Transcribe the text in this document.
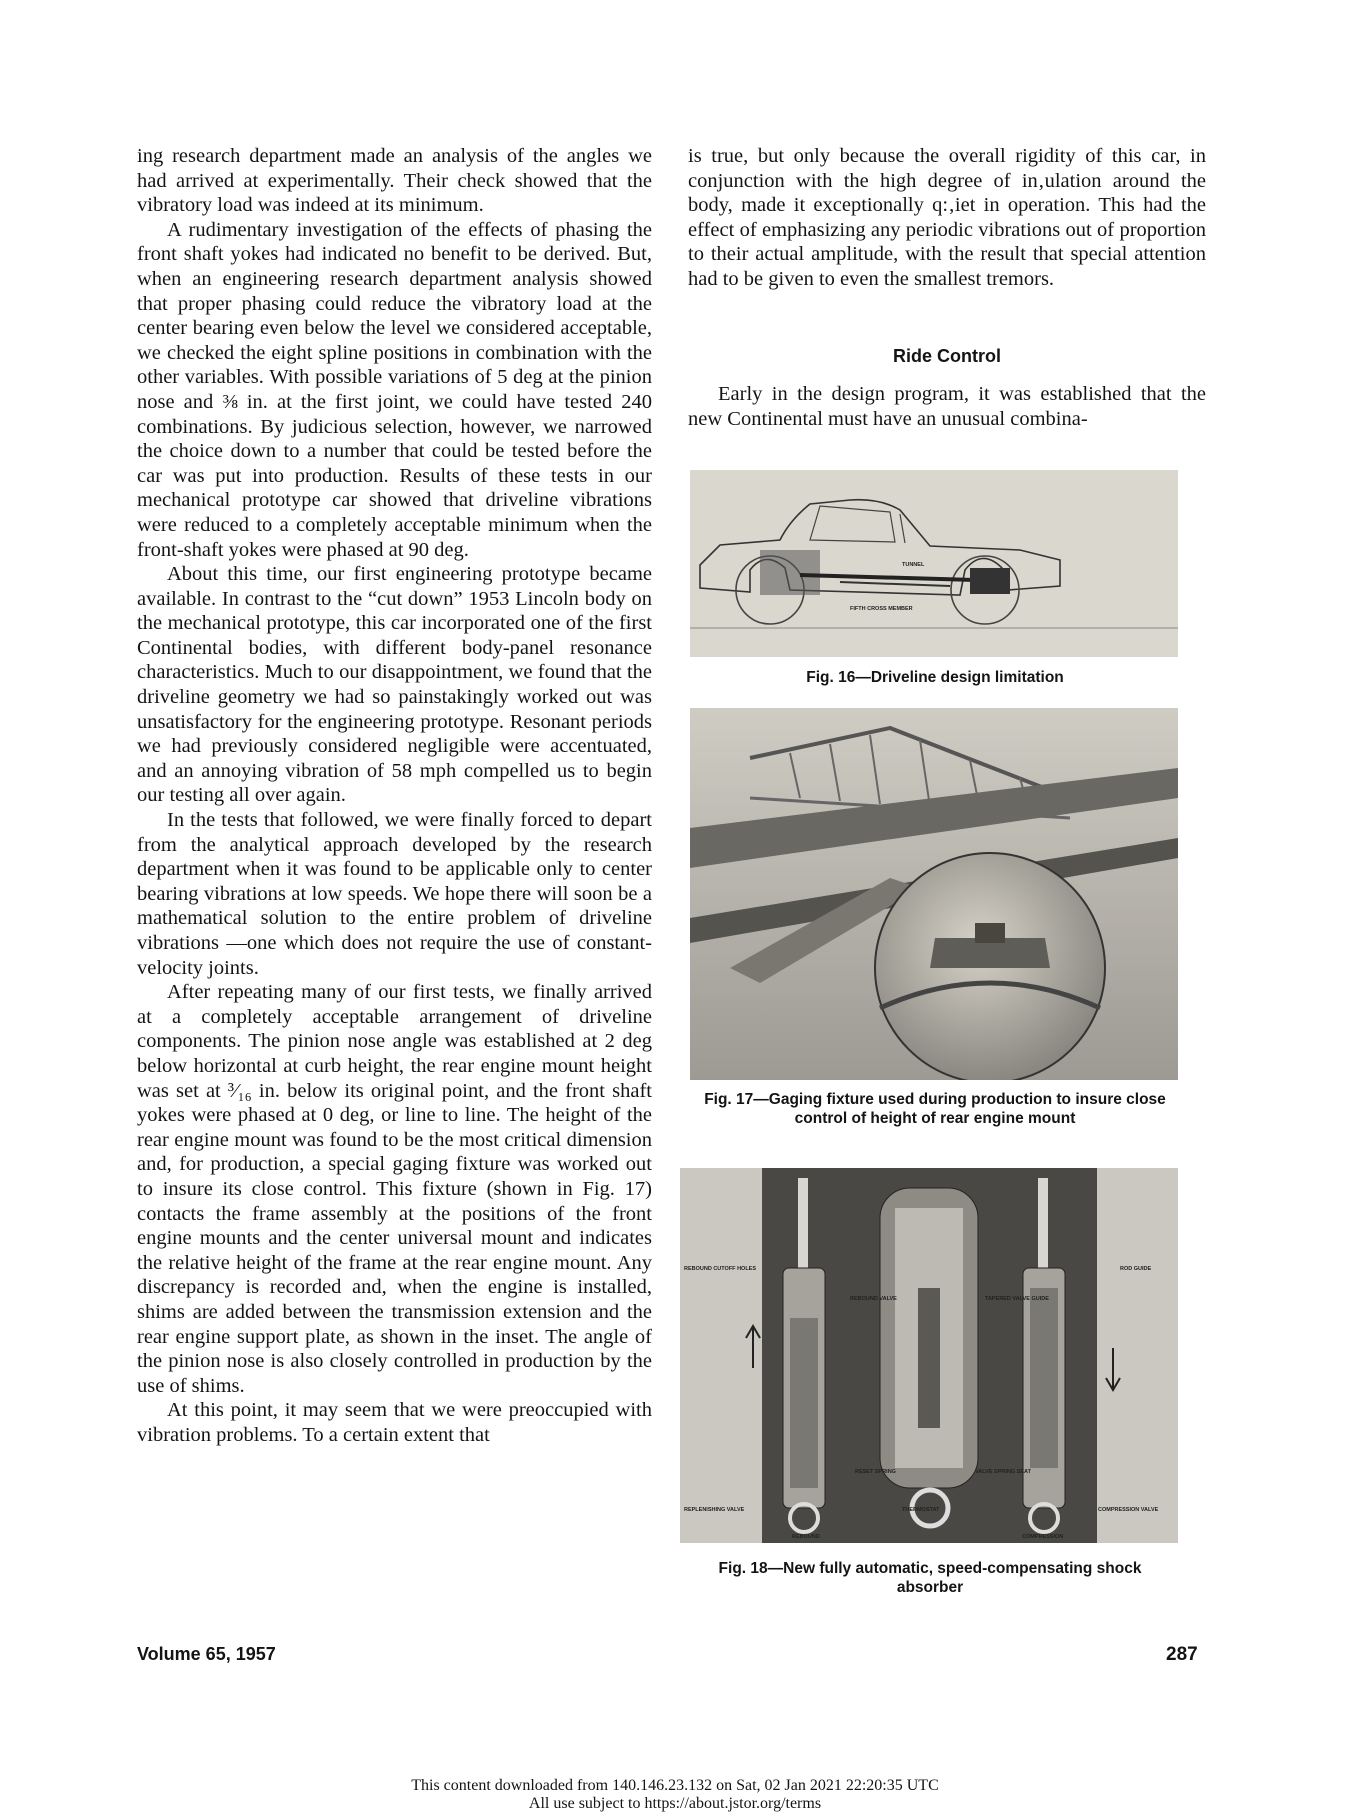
ing research department made an analysis of the angles we had arrived at experimentally. Their check showed that the vibratory load was indeed at its minimum.

A rudimentary investigation of the effects of phasing the front shaft yokes had indicated no benefit to be derived. But, when an engineering research department analysis showed that proper phasing could reduce the vibratory load at the center bearing even below the level we considered acceptable, we checked the eight spline positions in combination with the other variables. With possible variations of 5 deg at the pinion nose and ⅜ in. at the first joint, we could have tested 240 combinations. By judicious selection, however, we narrowed the choice down to a number that could be tested before the car was put into production. Results of these tests in our mechanical prototype car showed that driveline vibrations were reduced to a completely acceptable minimum when the front-shaft yokes were phased at 90 deg.

About this time, our first engineering prototype became available. In contrast to the “cut down” 1953 Lincoln body on the mechanical prototype, this car incorporated one of the first Continental bodies, with different body-panel resonance characteristics. Much to our disappointment, we found that the driveline geometry we had so painstakingly worked out was unsatisfactory for the engineering prototype. Resonant periods we had previously considered negligible were accentuated, and an annoying vibration of 58 mph compelled us to begin our testing all over again.

In the tests that followed, we were finally forced to depart from the analytical approach developed by the research department when it was found to be applicable only to center bearing vibrations at low speeds. We hope there will soon be a mathematical solution to the entire problem of driveline vibrations —one which does not require the use of constant-velocity joints.

After repeating many of our first tests, we finally arrived at a completely acceptable arrangement of driveline components. The pinion nose angle was established at 2 deg below horizontal at curb height, the rear engine mount height was set at ³⁄₁₆ in. below its original point, and the front shaft yokes were phased at 0 deg, or line to line. The height of the rear engine mount was found to be the most critical dimension and, for production, a special gaging fixture was worked out to insure its close control. This fixture (shown in Fig. 17) contacts the frame assembly at the positions of the front engine mounts and the center universal mount and indicates the relative height of the frame at the rear engine mount. Any discrepancy is recorded and, when the engine is installed, shims are added between the transmission extension and the rear engine support plate, as shown in the inset. The angle of the pinion nose is also closely controlled in production by the use of shims.

At this point, it may seem that we were preoccupied with vibration problems. To a certain extent that

is true, but only because the overall rigidity of this car, in conjunction with the high degree of in‚ulation around the body, made it exceptionally q:‚iet in operation. This had the effect of emphasizing any periodic vibrations out of proportion to their actual amplitude, with the result that special attention had to be given to even the smallest tremors.

Ride Control

Early in the design program, it was established that the new Continental must have an unusual combina-

TUNNEL
FIFTH CROSS MEMBER
Fig. 16—Driveline design limitation
Fig. 17—Gaging fixture used during production to insure close
control of height of rear engine mount
REBOUND CUTOFF HOLES	ROD GUIDE
REBOUND VALVE	TAPERED VALVE GUIDE
RESET SPRING	VALVE SPRING SEAT
REPLENISHING VALVE	THERMOSTAT	COMPRESSION VALVE
REBOUND	COMPRESSION
Fig. 18—New fully automatic, speed-compensating shock
absorber
Volume 65, 1957	287
This content downloaded from 140.146.23.132 on Sat, 02 Jan 2021 22:20:35 UTC
All use subject to https://about.jstor.org/terms
